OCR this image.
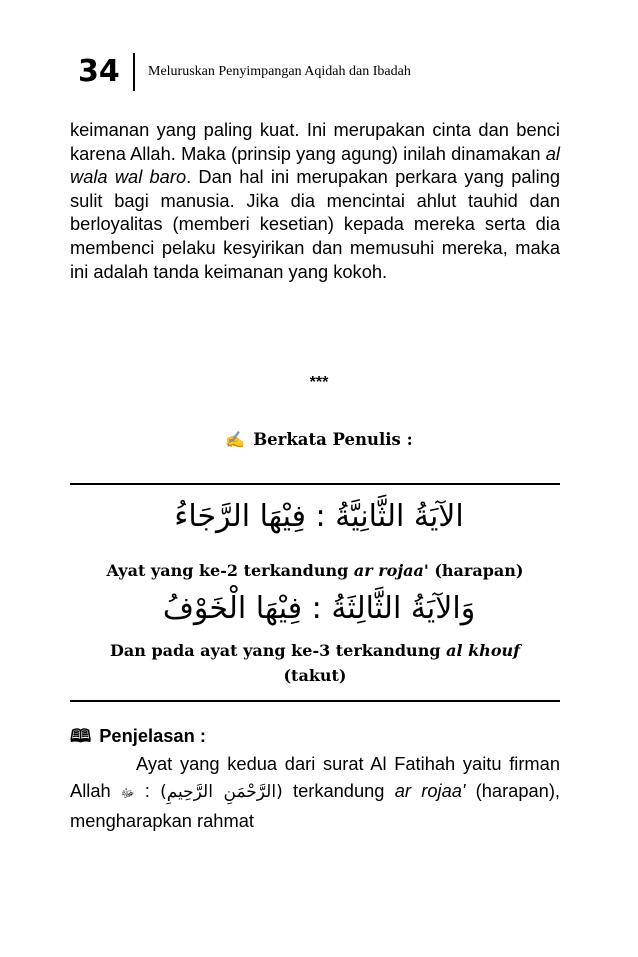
34 Meluruskan Penyimpangan Aqidah dan Ibadah

keimanan yang paling kuat. Ini merupakan cinta dan benci karena Allah. Maka (prinsip yang agung) inilah dinamakan al wala wal baro. Dan hal ini merupakan perkara yang paling sulit bagi manusia. Jika dia mencintai ahlut tauhid dan berloyalitas (memberi kesetian) kepada mereka serta dia membenci pelaku kesyirikan dan memusuhi mereka, maka ini adalah tanda keimanan yang kokoh.

***
✍ Berkata Penulis :
الآيَةُ الثَّانِيَّةُ : فِيْهَا الرَّجَاءُ
Ayat yang ke-2 terkandung ar rojaa' (harapan)
وَالآيَةُ الثَّالِثَةُ : فِيْهَا الْخَوْفُ
Dan pada ayat yang ke-3 terkandung al khouf
(takut)
🕮 Penjelasan :

Ayat yang kedua dari surat Al Fatihah yaitu firman Allah ﷻ : (الرَّحْمَنِ الرَّحِيمِ) terkandung ar rojaa' (harapan), mengharapkan rahmat
